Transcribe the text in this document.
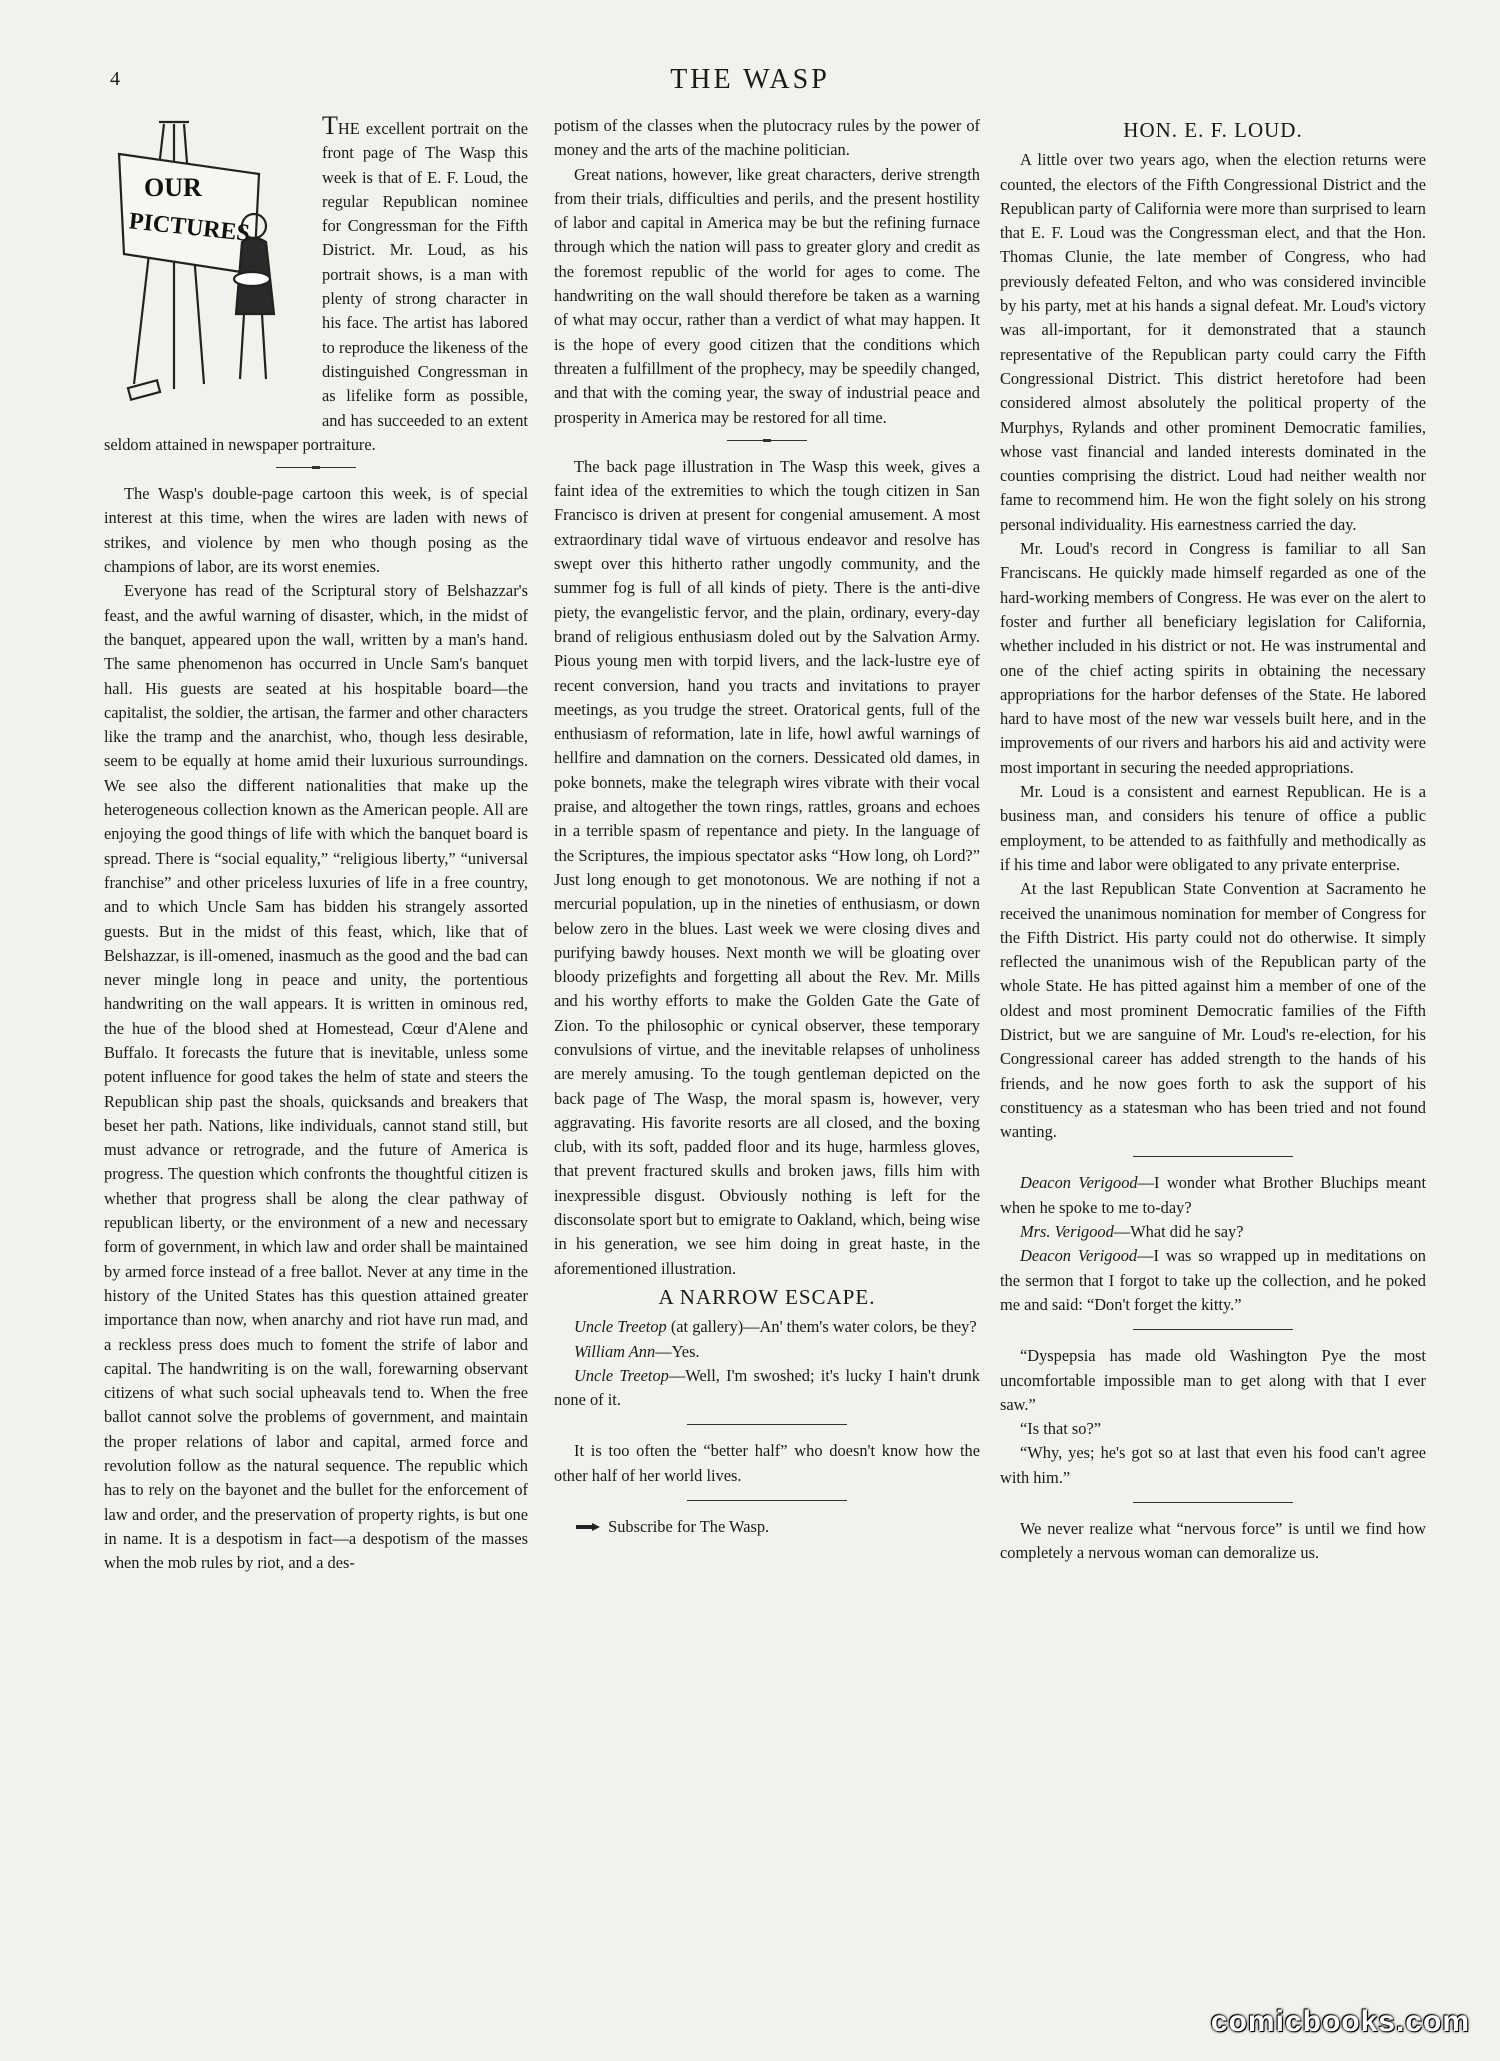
4	THE WASP
OUR
PICTURES

THE excellent portrait on the front page of The Wasp this week is that of E. F. Loud, the regular Republican nominee for Congressman for the Fifth District. Mr. Loud, as his portrait shows, is a man with plenty of strong character in his face. The artist has labored to reproduce the likeness of the distinguished Congressman in as lifelike form as possible, and has succeeded to an extent seldom attained in newspaper portraiture.

The Wasp's double-page cartoon this week, is of special interest at this time, when the wires are laden with news of strikes, and violence by men who though posing as the champions of labor, are its worst enemies.

Everyone has read of the Scriptural story of Belshazzar's feast, and the awful warning of disaster, which, in the midst of the banquet, appeared upon the wall, written by a man's hand. The same phenomenon has occurred in Uncle Sam's banquet hall. His guests are seated at his hospitable board—the capitalist, the soldier, the artisan, the farmer and other characters like the tramp and the anarchist, who, though less desirable, seem to be equally at home amid their luxurious surroundings. We see also the different nationalities that make up the heterogeneous collection known as the American people. All are enjoying the good things of life with which the banquet board is spread. There is “social equality,” “religious liberty,” “universal franchise” and other priceless luxuries of life in a free country, and to which Uncle Sam has bidden his strangely assorted guests. But in the midst of this feast, which, like that of Belshazzar, is ill-omened, inasmuch as the good and the bad can never mingle long in peace and unity, the portentious handwriting on the wall appears. It is written in ominous red, the hue of the blood shed at Homestead, Cœur d'Alene and Buffalo. It forecasts the future that is inevitable, unless some potent influence for good takes the helm of state and steers the Republican ship past the shoals, quicksands and breakers that beset her path. Nations, like individuals, cannot stand still, but must advance or retrograde, and the future of America is progress. The question which confronts the thoughtful citizen is whether that progress shall be along the clear pathway of republican liberty, or the environment of a new and necessary form of government, in which law and order shall be maintained by armed force instead of a free ballot. Never at any time in the history of the United States has this question attained greater importance than now, when anarchy and riot have run mad, and a reckless press does much to foment the strife of labor and capital. The handwriting is on the wall, forewarning observant citizens of what such social upheavals tend to. When the free ballot cannot solve the problems of government, and maintain the proper relations of labor and capital, armed force and revolution follow as the natural sequence. The republic which has to rely on the bayonet and the bullet for the enforcement of law and order, and the preservation of property rights, is but one in name. It is a despotism in fact—a despotism of the masses when the mob rules by riot, and a des-

potism of the classes when the plutocracy rules by the power of money and the arts of the machine politician.

Great nations, however, like great characters, derive strength from their trials, difficulties and perils, and the present hostility of labor and capital in America may be but the refining furnace through which the nation will pass to greater glory and credit as the foremost republic of the world for ages to come. The handwriting on the wall should therefore be taken as a warning of what may occur, rather than a verdict of what may happen. It is the hope of every good citizen that the conditions which threaten a fulfillment of the prophecy, may be speedily changed, and that with the coming year, the sway of industrial peace and prosperity in America may be restored for all time.

The back page illustration in The Wasp this week, gives a faint idea of the extremities to which the tough citizen in San Francisco is driven at present for congenial amusement. A most extraordinary tidal wave of virtuous endeavor and resolve has swept over this hitherto rather ungodly community, and the summer fog is full of all kinds of piety. There is the anti-dive piety, the evangelistic fervor, and the plain, ordinary, every-day brand of religious enthusiasm doled out by the Salvation Army. Pious young men with torpid livers, and the lack-lustre eye of recent conversion, hand you tracts and invitations to prayer meetings, as you trudge the street. Oratorical gents, full of the enthusiasm of reformation, late in life, howl awful warnings of hellfire and damnation on the corners. Dessicated old dames, in poke bonnets, make the telegraph wires vibrate with their vocal praise, and altogether the town rings, rattles, groans and echoes in a terrible spasm of repentance and piety. In the language of the Scriptures, the impious spectator asks “How long, oh Lord?” Just long enough to get monotonous. We are nothing if not a mercurial population, up in the nineties of enthusiasm, or down below zero in the blues. Last week we were closing dives and purifying bawdy houses. Next month we will be gloating over bloody prizefights and forgetting all about the Rev. Mr. Mills and his worthy efforts to make the Golden Gate the Gate of Zion. To the philosophic or cynical observer, these temporary convulsions of virtue, and the inevitable relapses of unholiness are merely amusing. To the tough gentleman depicted on the back page of The Wasp, the moral spasm is, however, very aggravating. His favorite resorts are all closed, and the boxing club, with its soft, padded floor and its huge, harmless gloves, that prevent fractured skulls and broken jaws, fills him with inexpressible disgust. Obviously nothing is left for the disconsolate sport but to emigrate to Oakland, which, being wise in his generation, we see him doing in great haste, in the aforementioned illustration.

A NARROW ESCAPE.

Uncle Treetop (at gallery)—An' them's water colors, be they?

William Ann—Yes.

Uncle Treetop—Well, I'm swoshed; it's lucky I hain't drunk none of it.

It is too often the “better half” who doesn't know how the other half of her world lives.

Subscribe for The Wasp.

HON. E. F. LOUD.

A little over two years ago, when the election returns were counted, the electors of the Fifth Congressional District and the Republican party of California were more than surprised to learn that E. F. Loud was the Congressman elect, and that the Hon. Thomas Clunie, the late member of Congress, who had previously defeated Felton, and who was considered invincible by his party, met at his hands a signal defeat. Mr. Loud's victory was all-important, for it demonstrated that a staunch representative of the Republican party could carry the Fifth Congressional District. This district heretofore had been considered almost absolutely the political property of the Murphys, Rylands and other prominent Democratic families, whose vast financial and landed interests dominated in the counties comprising the district. Loud had neither wealth nor fame to recommend him. He won the fight solely on his strong personal individuality. His earnestness carried the day.

Mr. Loud's record in Congress is familiar to all San Franciscans. He quickly made himself regarded as one of the hard-working members of Congress. He was ever on the alert to foster and further all beneficiary legislation for California, whether included in his district or not. He was instrumental and one of the chief acting spirits in obtaining the necessary appropriations for the harbor defenses of the State. He labored hard to have most of the new war vessels built here, and in the improvements of our rivers and harbors his aid and activity were most important in securing the needed appropriations.

Mr. Loud is a consistent and earnest Republican. He is a business man, and considers his tenure of office a public employment, to be attended to as faithfully and methodically as if his time and labor were obligated to any private enterprise.

At the last Republican State Convention at Sacramento he received the unanimous nomination for member of Congress for the Fifth District. His party could not do otherwise. It simply reflected the unanimous wish of the Republican party of the whole State. He has pitted against him a member of one of the oldest and most prominent Democratic families of the Fifth District, but we are sanguine of Mr. Loud's re-election, for his Congressional career has added strength to the hands of his friends, and he now goes forth to ask the support of his constituency as a statesman who has been tried and not found wanting.

Deacon Verigood—I wonder what Brother Bluchips meant when he spoke to me to-day?

Mrs. Verigood—What did he say?

Deacon Verigood—I was so wrapped up in meditations on the sermon that I forgot to take up the collection, and he poked me and said: “Don't forget the kitty.”

“Dyspepsia has made old Washington Pye the most uncomfortable impossible man to get along with that I ever saw.”

“Is that so?”

“Why, yes; he's got so at last that even his food can't agree with him.”

We never realize what “nervous force” is until we find how completely a nervous woman can demoralize us.

comicbooks.com
